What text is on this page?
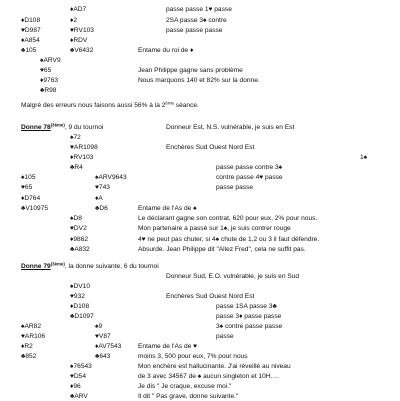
♦AD7
♦D108	♦2
♥D987	♥RV103
♦A854	♦RDV
♣105	♣V6432
♠ARV9
♥65
♦9763
♣R98
passe passe 1♥ passe
2SA passe 3♠ contre
passe passe passe
Entame du roi de ♦
Jean Philippe gagne sans problème
Nous marquons 140 et 82% sur la donne.
Malgré des erreurs nous faisons aussi 56% à la 2ème séance.
Donne $78^{(3ème)}$, 9 du tournoi	Donneur Est, N.S. vulnérable, je suis en Est
Enchères Sud Ouest Nord Est
♠72
♥AR1098
♦RV103
♣R4
♠105	♠ARV9643
♥65	♥743
♦D764	♦A
♣V10975	♣D6
♠D8
♥DV2
♦9862
♣A832
1♠
passe passe contre 3♠
contre passe 4♥ passe
passe passe
Entame de l'As de ♠
Le déclarant gagne son contrat, 620 pour eux, 2% pour nous.
Mon partenaire a passé sur 1♠, je suis contrer rouge
4♥ ne peut pas chuter, si 4♠ chute de 1,2 ou 3 il faut défendre.
Absurde. Jean Philippe dit "Allez Fred", cela ne suffit pas.
Donne $79^{(3ème)}$, la donne suivante, 6 du tournoi
Donneur Sud, E.O. vulnérable, je suis en Sud
Enchères Sud Ouest Nord Est
♠DV10
♥932
♦D108
♣D1097
♠AR82	♠9
♥AR106	♥V87
♦R2	♦AV7543
♣852	♣643
♠76543
♥D54
♦96
♣ARV
passe 1SA passe 3♣
passe 3♦ passe passe
3♠ contre passe passe
passe
Entame de l'As de ♥
moins 3, 500 pour eux, 7% pour nous
Mon enchère est hallucinante. J'ai réveillé au niveau
de 3 avec 34567 de ♠ aucun singleton et 10H….
Je dis " Je craque, excuse moi."
Il dit " Pas grave, donne suivante."
